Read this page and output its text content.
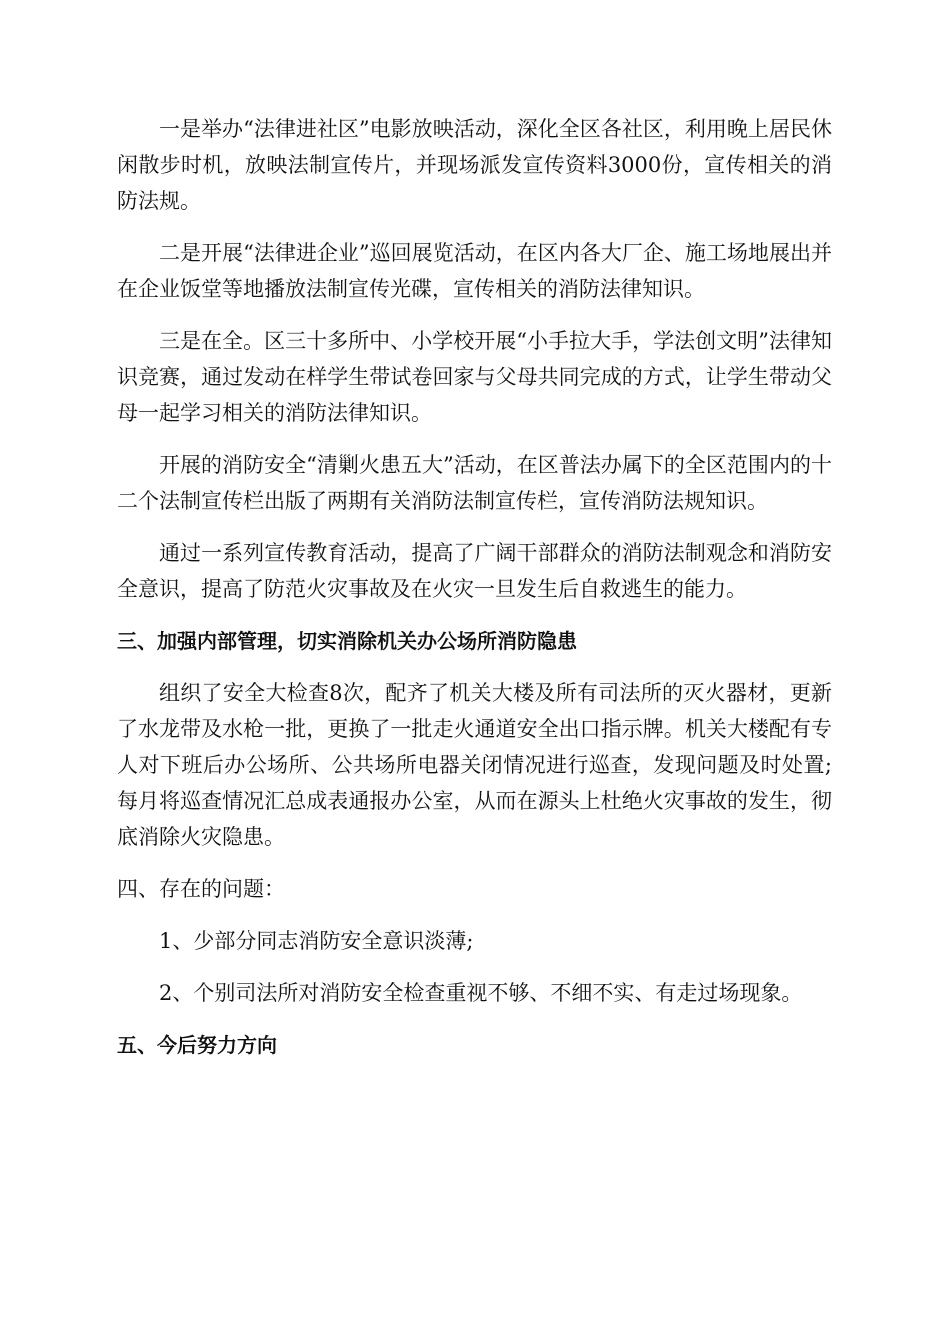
一是举办“法律进社区”电影放映活动，深化全区各社区，利用晚上居民休闲散步时机，放映法制宣传片，并现场派发宣传资料3000份，宣传相关的消防法规。

二是开展“法律进企业”巡回展览活动，在区内各大厂企、施工场地展出并在企业饭堂等地播放法制宣传光碟，宣传相关的消防法律知识。

三是在全。区三十多所中、小学校开展“小手拉大手，学法创文明”法律知识竞赛，通过发动在样学生带试卷回家与父母共同完成的方式，让学生带动父母一起学习相关的消防法律知识。

开展的消防安全“清剿火患五大”活动，在区普法办属下的全区范围内的十二个法制宣传栏出版了两期有关消防法制宣传栏，宣传消防法规知识。

通过一系列宣传教育活动，提高了广阔干部群众的消防法制观念和消防安全意识，提高了防范火灾事故及在火灾一旦发生后自救逃生的能力。

三、加强内部管理，切实消除机关办公场所消防隐患

组织了安全大检查8次，配齐了机关大楼及所有司法所的灭火器材，更新了水龙带及水枪一批，更换了一批走火通道安全出口指示牌。机关大楼配有专人对下班后办公场所、公共场所电器关闭情况进行巡查，发现问题及时处置;每月将巡查情况汇总成表通报办公室，从而在源头上杜绝火灾事故的发生，彻底消除火灾隐患。

四、存在的问题：

1、少部分同志消防安全意识淡薄;

2、个别司法所对消防安全检查重视不够、不细不实、有走过场现象。

五、今后努力方向
